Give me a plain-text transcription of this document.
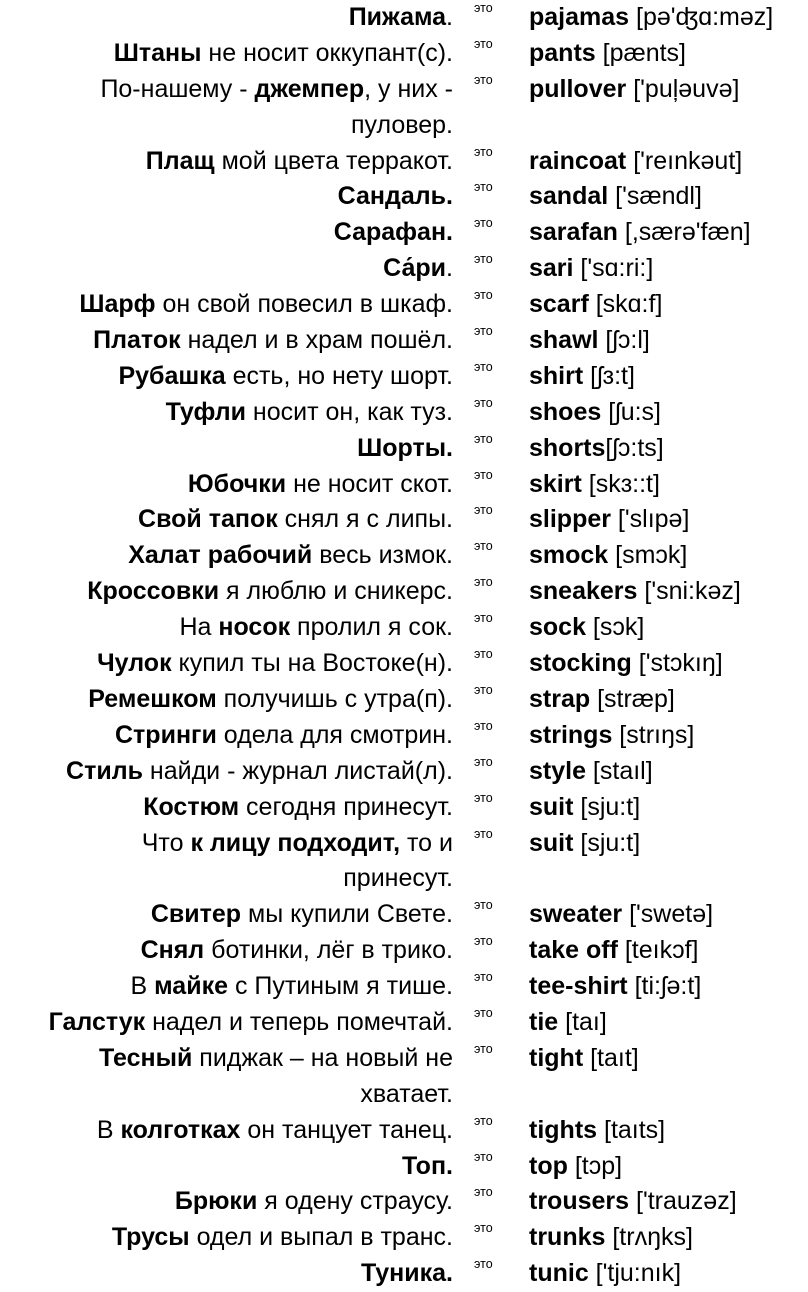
Пижама. это pajamas [pə'ʤɑ:məz]
Штаны не носит оккупант(с). это pants [pænts]
По-нашему - джемпер, у них - пуловер.
это pullover ['puļəuvə]
Плащ мой цвета терракот. это raincoat ['reınkəut]
Сандаль. это sandal ['sændl]
Сарафан. это sarafan [,særə'fæn]
Са́ри. это sari ['sɑ:ri:]
Шарф он свой повесил в шкаф. это scarf [skɑ:f]
Платок надел и в храм пошёл. это shawl [ʃɔ:l]
Рубашка есть, но нету шорт. это shirt [ʃɜ:t]
Туфли носит он, как туз. это shoes [ʃu:s]
Шорты. это shorts[ʃɔ:ts]
Юбочки не носит скот. это skirt [skɜ::t]
Свой тапок снял я с липы. это slipper ['slıpə]
Халат рабочий весь измок. это smock [smɔk]
Кроссовки я люблю и сникерс. это sneakers ['sni:kəz]
На носок пролил я сок. это sock [sɔk]
Чулок купил ты на Востоке(н). это stocking ['stɔkıŋ]
Ремешком получишь с утра(п). это strap [stræp]
Стринги одела для смотрин. это strings [strıŋs]
Стиль найди - журнал листай(л). это style [staıl]
Костюм сегодня принесут. это suit [sju:t]
Что к лицу подходит, то и принесут.
это suit [sju:t]
Свитер мы купили Свете. это sweater ['swetə]
Снял ботинки, лёг в трико. это take off [teıkɔf]
В майке с Путиным я тише. это tee-shirt [ti:ʃə:t]
Галстук надел и теперь помечтай. это tie [taı]
Тесный пиджак – на новый не хватает.
это tight [taıt]
В колготках он танцует танец. это tights [taıts]
Топ. это top [tɔp]
Брюки я одену страусу. это trousers ['trauzəz]
Трусы одел и выпал в транс. это trunks [trʌŋks]
Туника. это tunic ['tju:nık]
